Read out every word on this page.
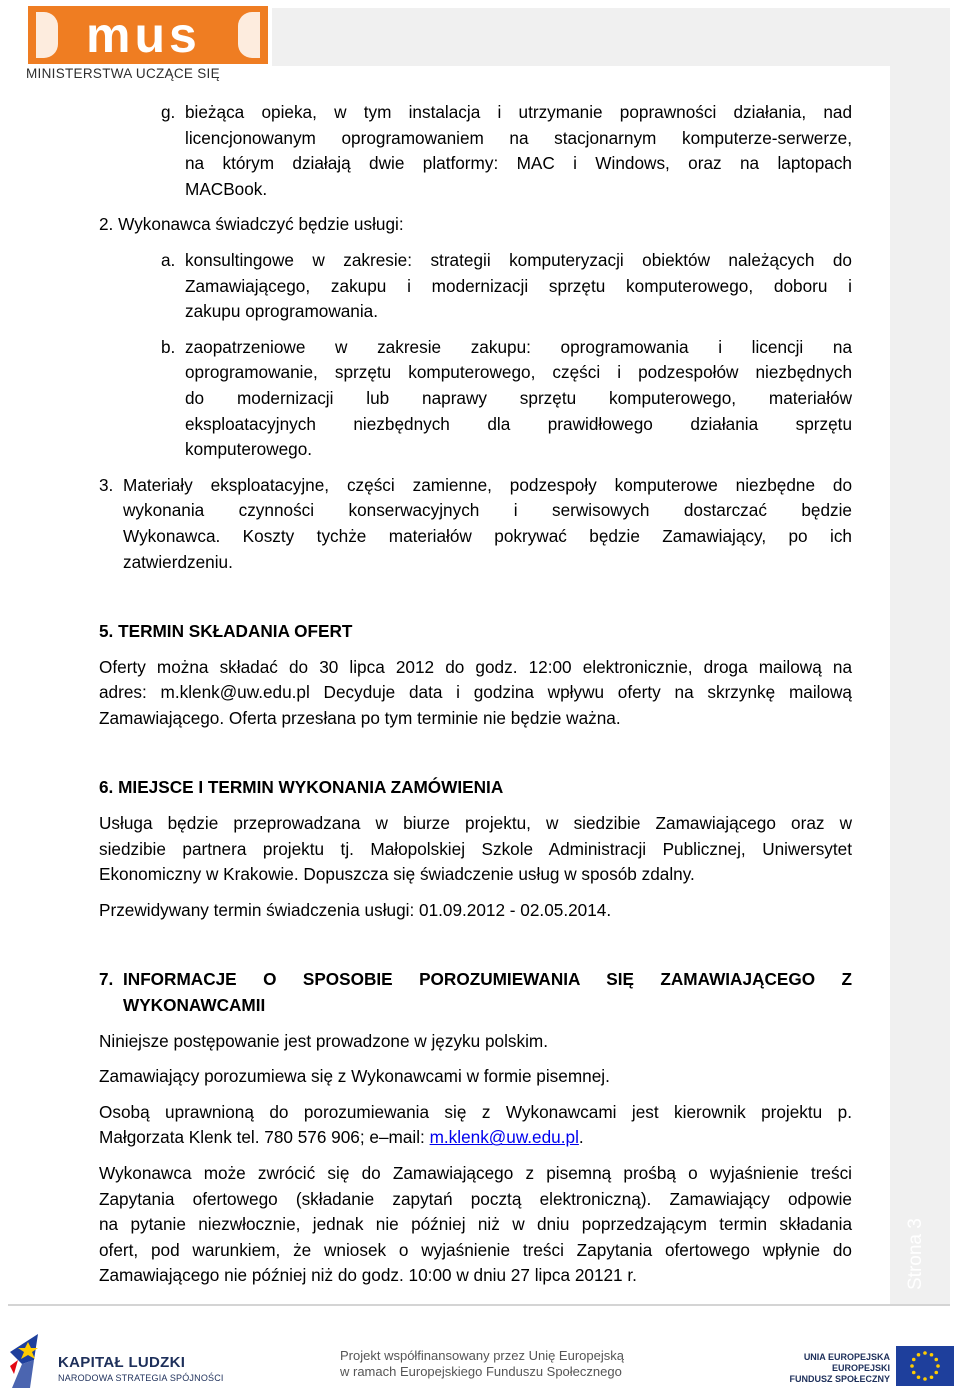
mus
MINISTERSTWA UCZĄCE SIĘ
Strona 3
g. bieżąca opieka, w tym instalacja i utrzymanie poprawności działania, nad
licencjonowanym oprogramowaniem na stacjonarnym komputerze-serwerze,
na którym działają dwie platformy: MAC i Windows, oraz na laptopach
MACBook.
2. Wykonawca świadczyć będzie usługi:
a. konsultingowe w zakresie: strategii komputeryzacji obiektów należących do
Zamawiającego, zakupu i modernizacji sprzętu komputerowego, doboru i
zakupu oprogramowania.
b. zaopatrzeniowe w zakresie zakupu: oprogramowania i licencji na
oprogramowanie, sprzętu komputerowego, części i podzespołów niezbędnych
do modernizacji lub naprawy sprzętu komputerowego, materiałów
eksploatacyjnych niezbędnych dla prawidłowego działania sprzętu
komputerowego.
3. Materiały eksploatacyjne, części zamienne, podzespoły komputerowe niezbędne do
wykonania czynności konserwacyjnych i serwisowych dostarczać będzie
Wykonawca. Koszty tychże materiałów pokrywać będzie Zamawiający, po ich
zatwierdzeniu.
5. TERMIN SKŁADANIA OFERT
Oferty można składać do 30 lipca 2012 do godz. 12:00 elektronicznie, droga mailową na
adres: m.klenk@uw.edu.pl Decyduje data i godzina wpływu oferty na skrzynkę mailową
Zamawiającego. Oferta przesłana po tym terminie nie będzie ważna.
6. MIEJSCE I TERMIN WYKONANIA ZAMÓWIENIA
Usługa będzie przeprowadzana w biurze projektu, w siedzibie Zamawiającego oraz w
siedzibie partnera projektu tj. Małopolskiej Szkole Administracji Publicznej, Uniwersytet
Ekonomiczny w Krakowie. Dopuszcza się świadczenie usług w sposób zdalny.
Przewidywany termin świadczenia usługi: 01.09.2012 - 02.05.2014.
7. INFORMACJE O SPOSOBIE POROZUMIEWANIA SIĘ ZAMAWIAJĄCEGO Z
WYKONAWCAMII
Niniejsze postępowanie jest prowadzone w języku polskim.
Zamawiający porozumiewa się z Wykonawcami w formie pisemnej.
Osobą uprawnioną do porozumiewania się z Wykonawcami jest kierownik projektu p.
Małgorzata Klenk tel. 780 576 906; e–mail: m.klenk@uw.edu.pl.
Wykonawca może zwrócić się do Zamawiającego z pisemną prośbą o wyjaśnienie treści
Zapytania ofertowego (składanie zapytań pocztą elektroniczną). Zamawiający odpowie
na pytanie niezwłocznie, jednak nie później niż w dniu poprzedzającym termin składania
ofert, pod warunkiem, że wniosek o wyjaśnienie treści Zapytania ofertowego wpłynie do
Zamawiającego nie później niż do godz. 10:00 w dniu 27 lipca 20121 r.
KAPITAŁ LUDZKI
NARODOWA STRATEGIA SPÓJNOŚCI
Projekt współfinansowany przez Unię Europejską
w ramach Europejskiego Funduszu Społecznego
UNIA EUROPEJSKA
EUROPEJSKI
FUNDUSZ SPOŁECZNY
